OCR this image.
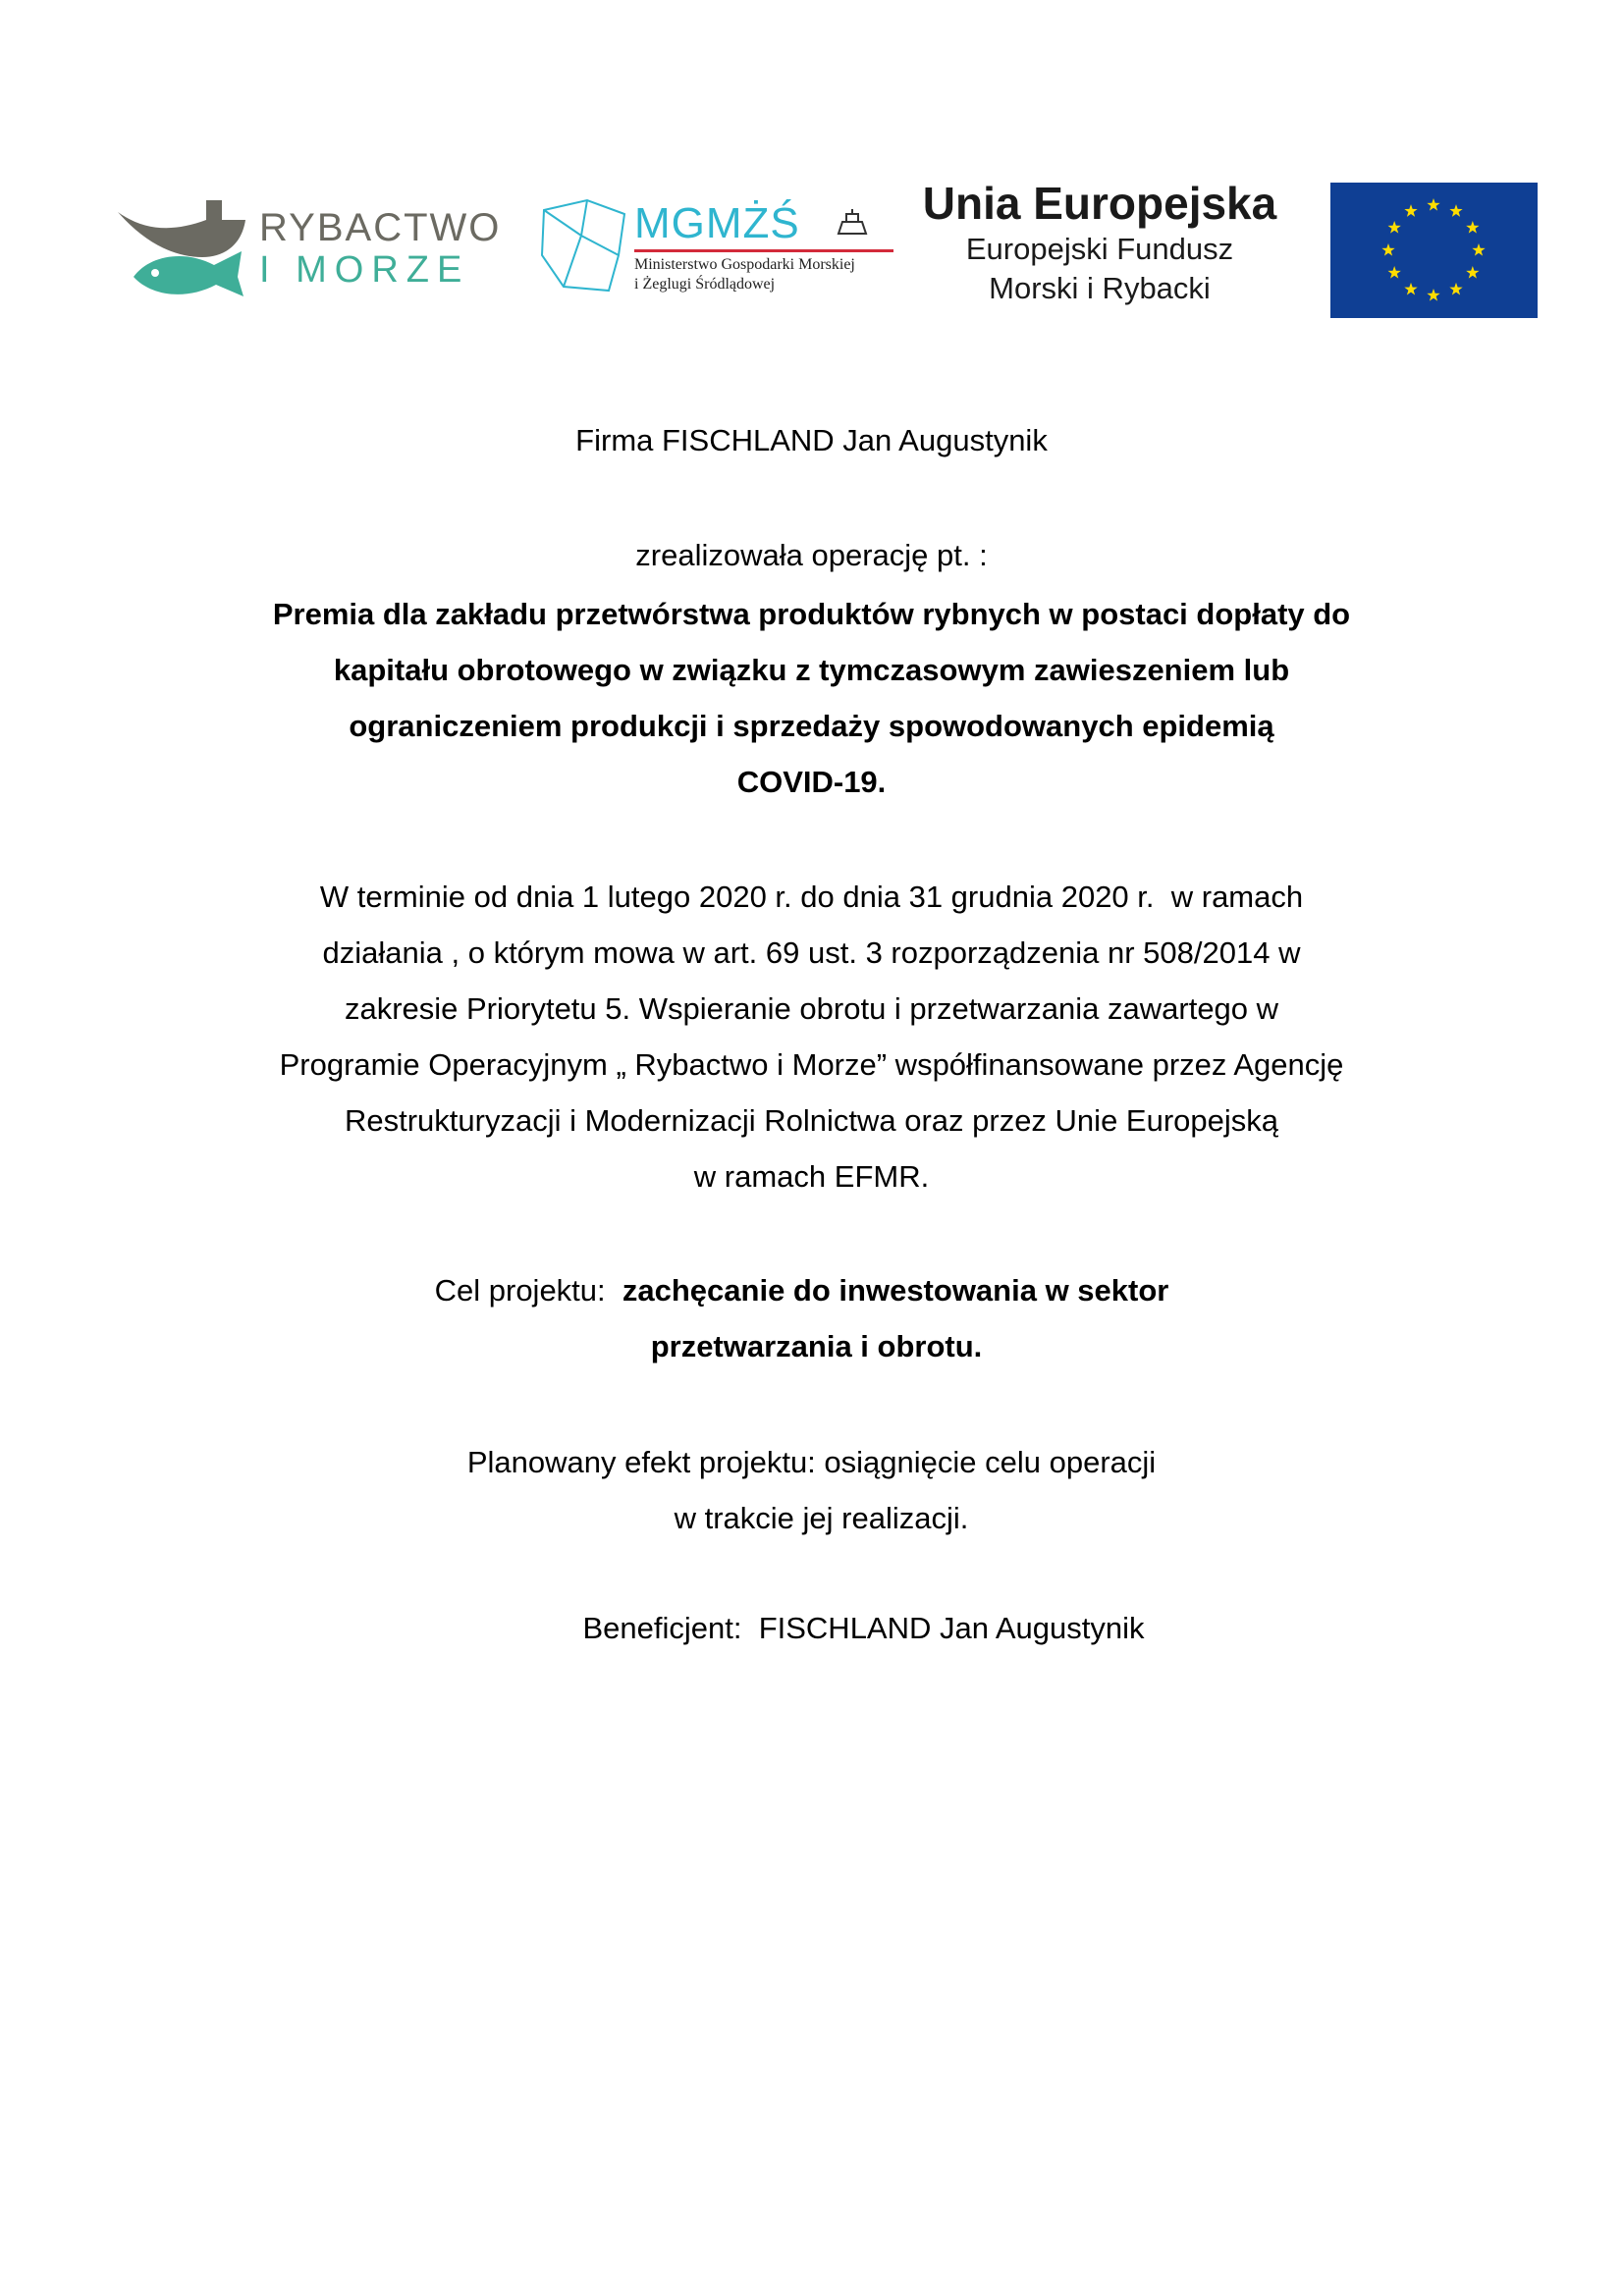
RYBACTWO
I MORZE
MGMŻŚ
Ministerstwo Gospodarki Morskiej
i Żeglugi Śródlądowej
Unia Europejska
Europejski Fundusz
Morski i Rybacki
Firma FISCHLAND Jan Augustynik
zrealizowała operację pt. :
Premia dla zakładu przetwórstwa produktów rybnych w postaci dopłaty do
kapitału obrotowego w związku z tymczasowym zawieszeniem lub
ograniczeniem produkcji i sprzedaży spowodowanych epidemią
COVID-19.
W terminie od dnia 1 lutego 2020 r. do dnia 31 grudnia 2020 r.  w ramach
działania , o którym mowa w art. 69 ust. 3 rozporządzenia nr 508/2014 w
zakresie Priorytetu 5. Wspieranie obrotu i przetwarzania zawartego w
Programie Operacyjnym „ Rybactwo i Morze” współfinansowane przez Agencję
Restrukturyzacji i Modernizacji Rolnictwa oraz przez Unie Europejską
w ramach EFMR.
Cel projektu:  zachęcanie do inwestowania w sektor
przetwarzania i obrotu.
Planowany efekt projektu: osiągnięcie celu operacji
w trakcie jej realizacji.
Beneficjent:  FISCHLAND Jan Augustynik
